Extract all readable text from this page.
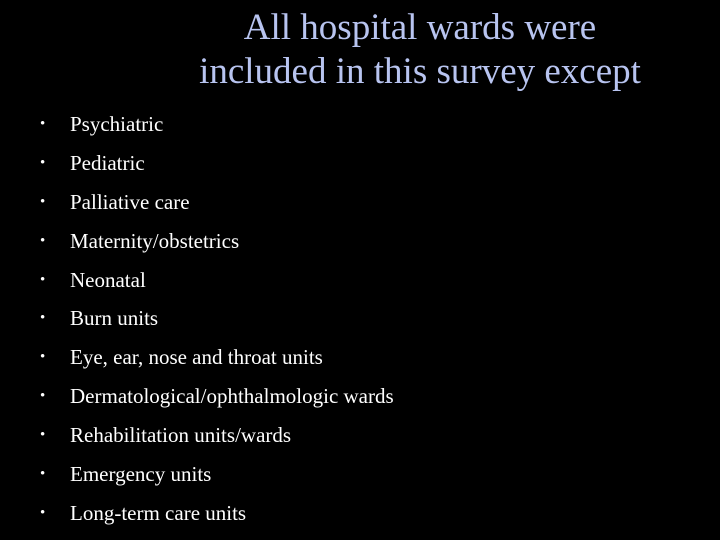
All hospital wards were
included in this survey except
• Psychiatric
• Pediatric
• Palliative care
• Maternity/obstetrics
• Neonatal
• Burn units
• Eye, ear, nose and throat units
• Dermatological/ophthalmologic wards
• Rehabilitation units/wards
• Emergency units
• Long-term care units
